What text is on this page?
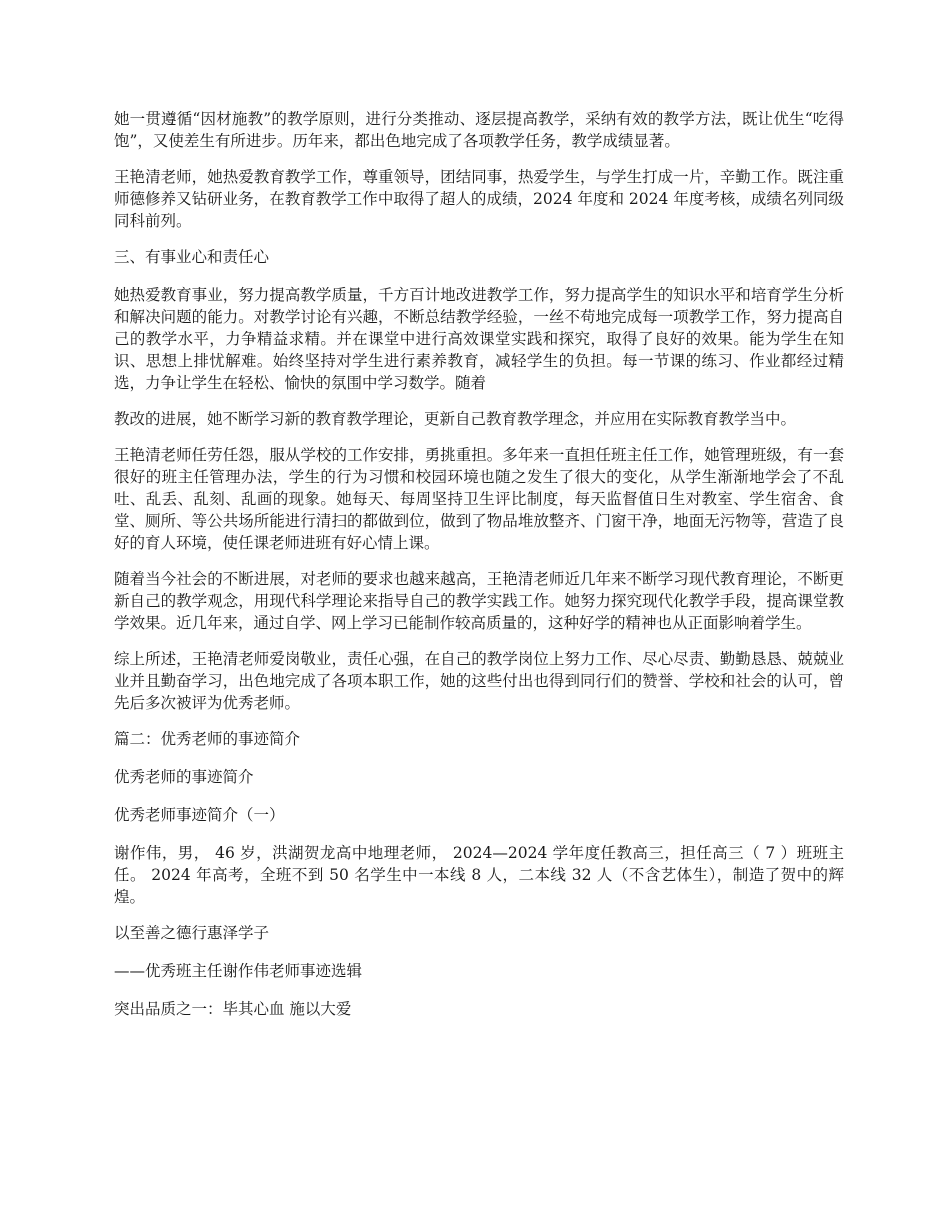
她一贯遵循“因材施教”的教学原则，进行分类推动、逐层提高教学，采纳有效的教学方法，既让优生“吃得饱”，又使差生有所进步。历年来，都出色地完成了各项教学任务，教学成绩显著。

王艳清老师，她热爱教育教学工作，尊重领导，团结同事，热爱学生，与学生打成一片，辛勤工作。既注重师德修养又钻研业务，在教育教学工作中取得了超人的成绩，2024 年度和 2024 年度考核，成绩名列同级同科前列。

三、有事业心和责任心

她热爱教育事业，努力提高教学质量，千方百计地改进教学工作，努力提高学生的知识水平和培育学生分析和解决问题的能力。对教学讨论有兴趣，不断总结教学经验，一丝不苟地完成每一项教学工作，努力提高自己的教学水平，力争精益求精。并在课堂中进行高效课堂实践和探究，取得了良好的效果。能为学生在知识、思想上排忧解难。始终坚持对学生进行素养教育，减轻学生的负担。每一节课的练习、作业都经过精选，力争让学生在轻松、愉快的氛围中学习数学。随着

教改的进展，她不断学习新的教育教学理论，更新自己教育教学理念，并应用在实际教育教学当中。

王艳清老师任劳任怨，服从学校的工作安排，勇挑重担。多年来一直担任班主任工作，她管理班级，有一套很好的班主任管理办法，学生的行为习惯和校园环境也随之发生了很大的变化，从学生渐渐地学会了不乱吐、乱丢、乱刻、乱画的现象。她每天、每周坚持卫生评比制度，每天监督值日生对教室、学生宿舍、食堂、厕所、等公共场所能进行清扫的都做到位，做到了物品堆放整齐、门窗干净，地面无污物等，营造了良好的育人环境，使任课老师进班有好心情上课。

随着当今社会的不断进展，对老师的要求也越来越高，王艳清老师近几年来不断学习现代教育理论，不断更新自己的教学观念，用现代科学理论来指导自己的教学实践工作。她努力探究现代化教学手段，提高课堂教学效果。近几年来，通过自学、网上学习已能制作较高质量的，这种好学的精神也从正面影响着学生。

综上所述，王艳清老师爱岗敬业，责任心强，在自己的教学岗位上努力工作、尽心尽责、勤勤恳恳、兢兢业业并且勤奋学习，出色地完成了各项本职工作，她的这些付出也得到同行们的赞誉、学校和社会的认可，曾先后多次被评为优秀老师。

篇二：优秀老师的事迹简介

优秀老师的事迹简介

优秀老师事迹简介（一）

谢作伟，男， 46 岁，洪湖贺龙高中地理老师， 2024—2024 学年度任教高三，担任高三（ 7 ）班班主任。 2024 年高考，全班不到 50 名学生中一本线 8 人，二本线 32 人（不含艺体生），制造了贺中的辉煌。

以至善之德行惠泽学子

——优秀班主任谢作伟老师事迹选辑

突出品质之一：毕其心血 施以大爱
